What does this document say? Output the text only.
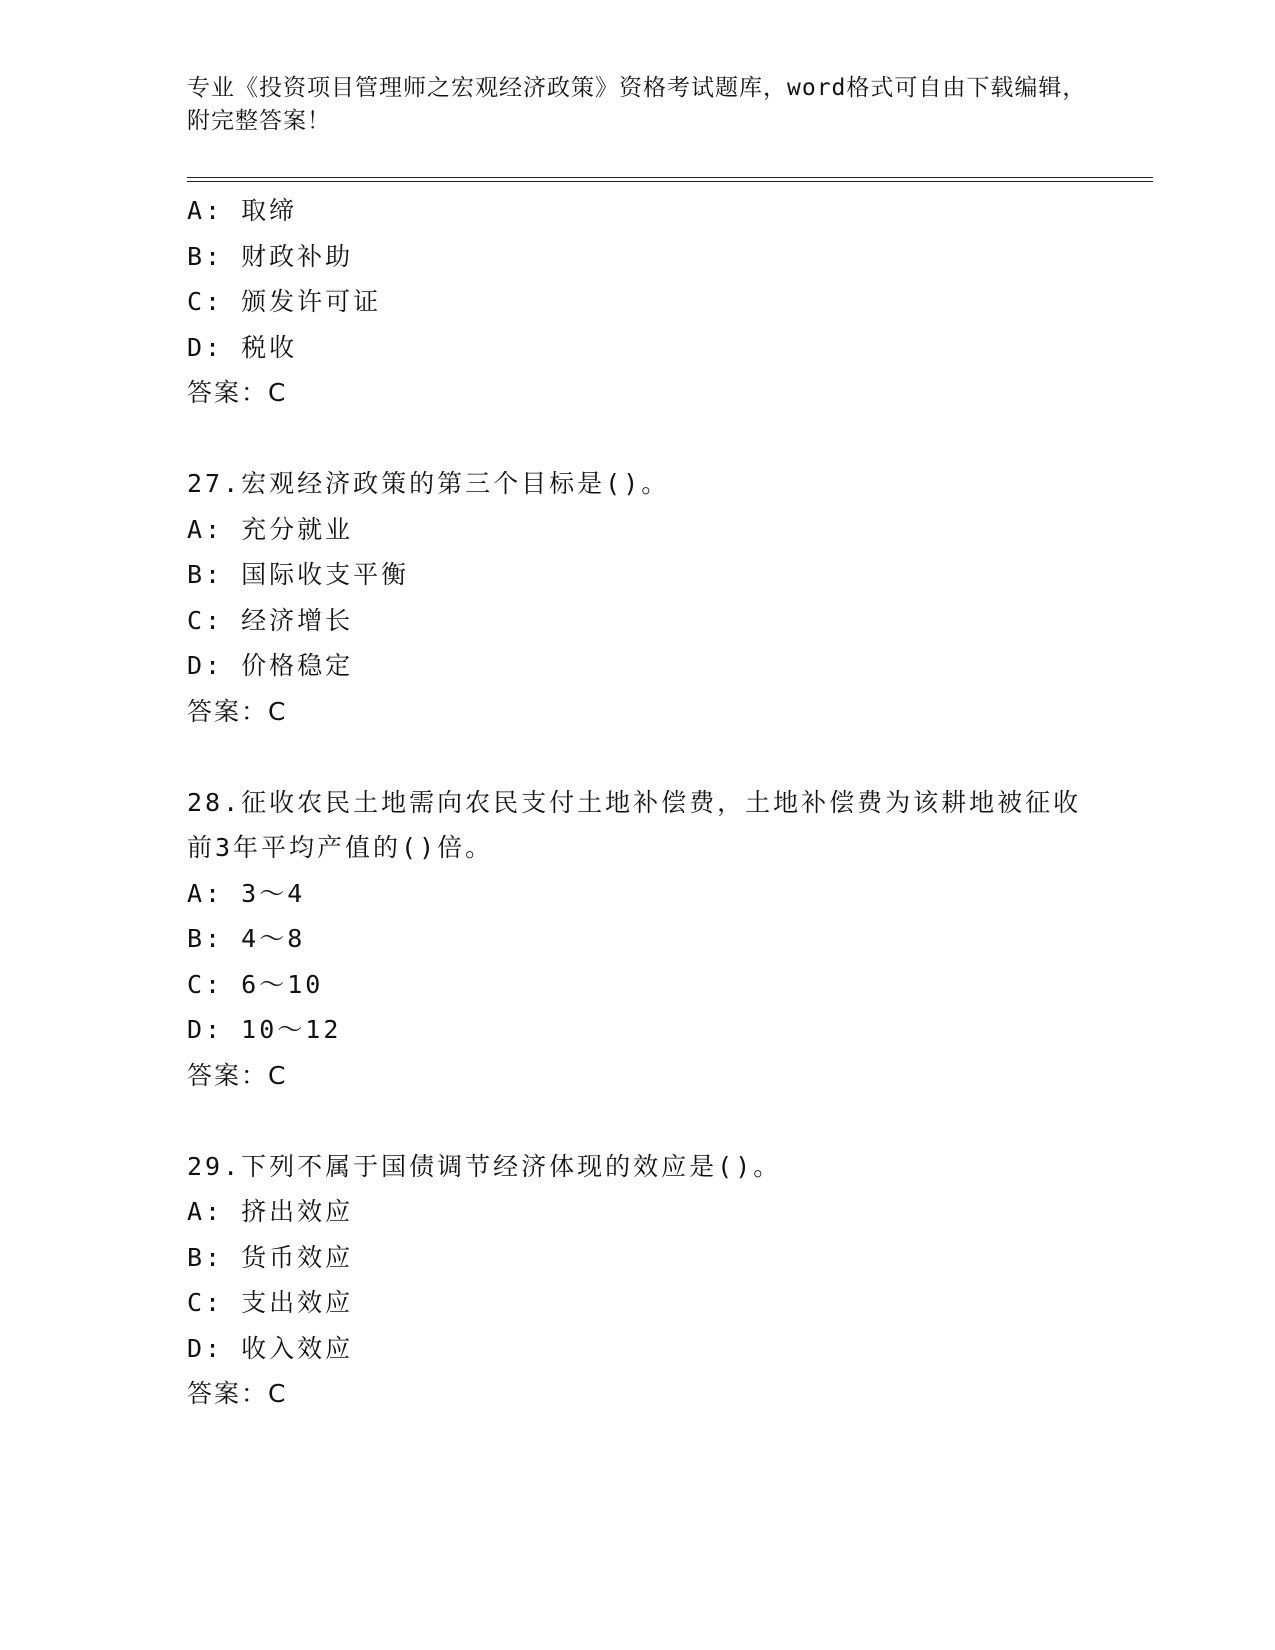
专业《投资项目管理师之宏观经济政策》资格考试题库，word格式可自由下载编辑，附完整答案！
A: 取缔
B: 财政补助
C: 颁发许可证
D: 税收
答案：C
27.宏观经济政策的第三个目标是()。
A: 充分就业
B: 国际收支平衡
C: 经济增长
D: 价格稳定
答案：C
28.征收农民土地需向农民支付土地补偿费，土地补偿费为该耕地被征收前3年平均产值的()倍。
A: 3～4
B: 4～8
C: 6～10
D: 10～12
答案：C
29.下列不属于国债调节经济体现的效应是()。
A: 挤出效应
B: 货币效应
C: 支出效应
D: 收入效应
答案：C
